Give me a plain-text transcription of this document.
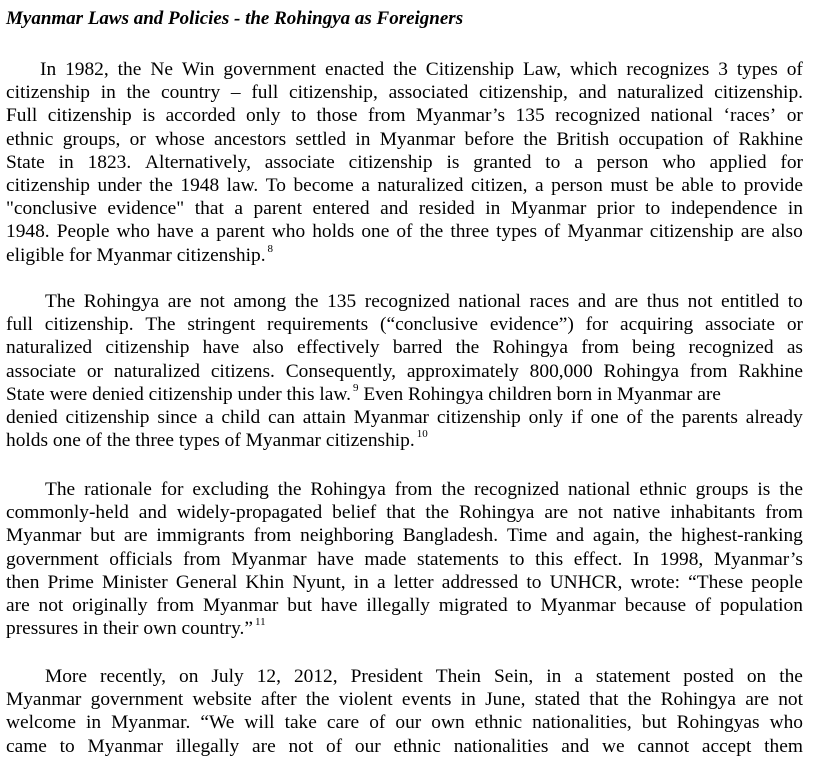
Myanmar Laws and Policies - the Rohingya as Foreigners
In 1982, the Ne Win government enacted the Citizenship Law, which recognizes 3 types of
citizenship in the country – full citizenship, associated citizenship, and naturalized citizenship.
Full citizenship is accorded only to those from Myanmar’s 135 recognized national ‘races’ or
ethnic groups, or whose ancestors settled in Myanmar before the British occupation of Rakhine
State in 1823. Alternatively, associate citizenship is granted to a person who applied for
citizenship under the 1948 law. To become a naturalized citizen, a person must be able to provide
"conclusive evidence" that a parent entered and resided in Myanmar prior to independence in
1948. People who have a parent who holds one of the three types of Myanmar citizenship are also
eligible for Myanmar citizenship. $^8$
The Rohingya are not among the 135 recognized national races and are thus not entitled to
full citizenship. The stringent requirements (“conclusive evidence”) for acquiring associate or
naturalized citizenship have also effectively barred the Rohingya from being recognized as
associate or naturalized citizens. Consequently, approximately 800,000 Rohingya from Rakhine
State were denied citizenship under this law. $^9$ Even Rohingya children born in Myanmar are
denied citizenship since a child can attain Myanmar citizenship only if one of the parents already
holds one of the three types of Myanmar citizenship. $^{10}$
The rationale for excluding the Rohingya from the recognized national ethnic groups is the
commonly-held and widely-propagated belief that the Rohingya are not native inhabitants from
Myanmar but are immigrants from neighboring Bangladesh. Time and again, the highest-ranking
government officials from Myanmar have made statements to this effect. In 1998, Myanmar’s
then Prime Minister General Khin Nyunt, in a letter addressed to UNHCR, wrote: “These people
are not originally from Myanmar but have illegally migrated to Myanmar because of population
pressures in their own country.” $^{11}$
More recently, on July 12, 2012, President Thein Sein, in a statement posted on the
Myanmar government website after the violent events in June, stated that the Rohingya are not
welcome in Myanmar. “We will take care of our own ethnic nationalities, but Rohingyas who
came to Myanmar illegally are not of our ethnic nationalities and we cannot accept them
